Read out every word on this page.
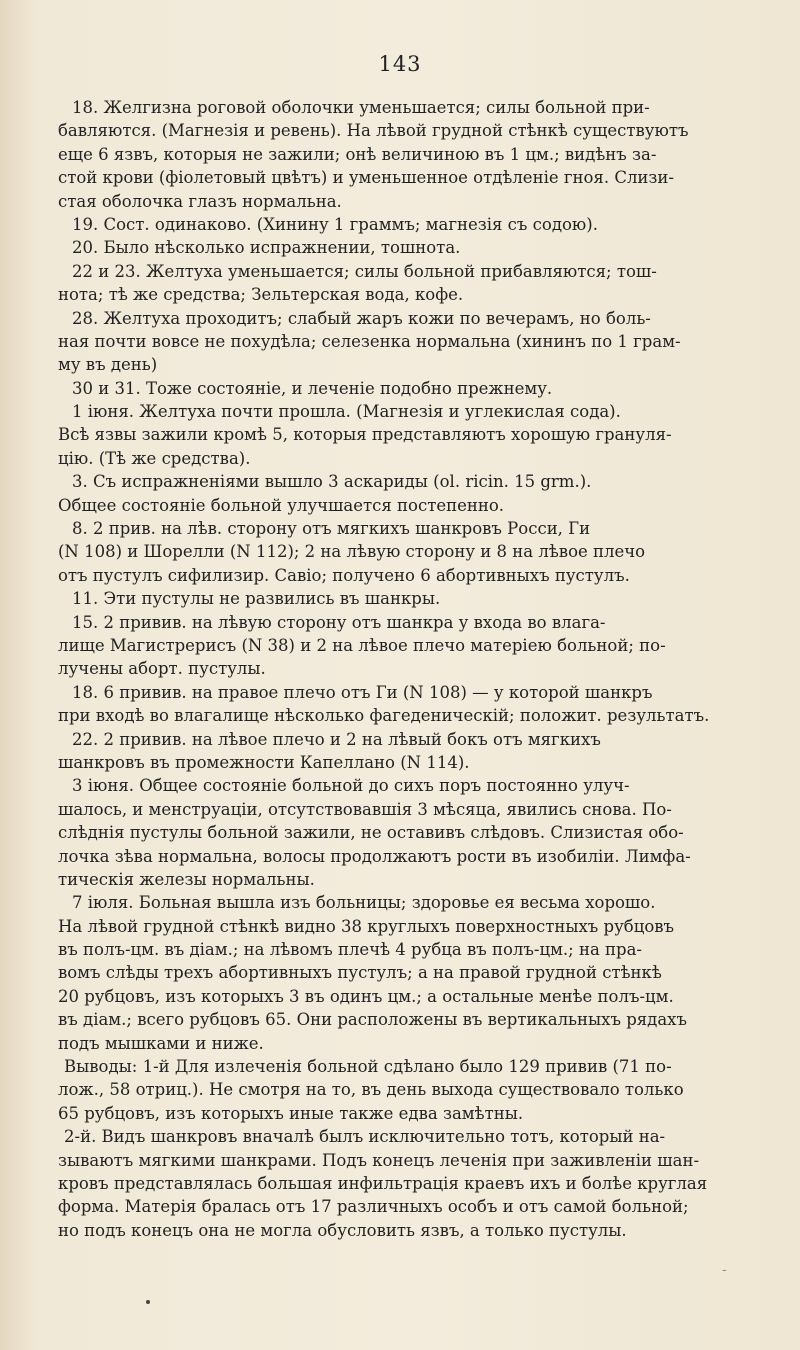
143
18. Желгизна роговой оболочки уменьшается; силы больной при-
бавляются. (Магнезія и ревень). На лѣвой грудной стѣнкѣ существуютъ
еще 6 язвъ, которыя не зажили; онѣ величиною въ 1 цм.; видѣнъ за-
стой крови (фіолетовый цвѣтъ) и уменьшенное отдѣленіе гноя. Слизи-
стая оболочка глазъ нормальна.
19. Сост. одинаково. (Хинину 1 граммъ; магнезія съ содою).
20. Было нѣсколько испражнении, тошнота.
22 и 23. Желтуха уменьшается; силы больной прибавляются; тош-
нота; тѣ же средства; Зельтерская вода, кофе.
28. Желтуха проходитъ; слабый жаръ кожи по вечерамъ, но боль-
ная почти вовсе не похудѣла; селезенка нормальна (хининъ по 1 грам-
му въ день)
30 и 31. Тоже состояніе, и леченіе подобно прежнему.
1 іюня. Желтуха почти прошла. (Магнезія и углекислая сода).
Всѣ язвы зажили кромѣ 5, которыя представляютъ хорошую грануля-
цію. (Тѣ же средства).
3. Съ испражненіями вышло 3 аскариды (ol. ricin. 15 grm.).
Общее состояніе больной улучшается постепенно.
8. 2 прив. на лѣв. сторону отъ мягкихъ шанкровъ Росси, Ги
(N 108) и Шорелли (N 112); 2 на лѣвую сторону и 8 на лѣвое плечо
отъ пустулъ сифилизир. Савіо; получено 6 абортивныхъ пустулъ.
11. Эти пустулы не развились въ шанкры.
15. 2 привив. на лѣвую сторону отъ шанкра у входа во влага-
лище Магистрерисъ (N 38) и 2 на лѣвое плечо матеріею больной; по-
лучены аборт. пустулы.
18. 6 привив. на правое плечо отъ Ги (N 108) — у которой шанкръ
при входѣ во влагалище нѣсколько фагеденическій; положит. результатъ.
22. 2 привив. на лѣвое плечо и 2 на лѣвый бокъ отъ мягкихъ
шанкровъ въ промежности Капеллано (N 114).
3 іюня. Общее состояніе больной до сихъ поръ постоянно улуч-
шалось, и менструаціи, отсутствовавшія 3 мѣсяца, явились снова. По-
слѣднія пустулы больной зажили, не оставивъ слѣдовъ. Слизистая обо-
лочка зѣва нормальна, волосы продолжаютъ рости въ изобиліи. Лимфа-
тическія железы нормальны.
7 іюля. Больная вышла изъ больницы; здоровье ея весьма хорошо.
На лѣвой грудной стѣнкѣ видно 38 круглыхъ поверхностныхъ рубцовъ
въ полъ-цм. въ діам.; на лѣвомъ плечѣ 4 рубца въ полъ-цм.; на пра-
вомъ слѣды трехъ абортивныхъ пустулъ; а на правой грудной стѣнкѣ
20 рубцовъ, изъ которыхъ 3 въ одинъ цм.; а остальные менѣе полъ-цм.
въ діам.; всего рубцовъ 65. Они расположены въ вертикальныхъ рядахъ
подъ мышками и ниже.
Выводы: 1-й Для излеченія больной сдѣлано было 129 привив (71 по-
лож., 58 отриц.). Не смотря на то, въ день выхода существовало только
65 рубцовъ, изъ которыхъ иные также едва замѣтны.
2-й. Видъ шанкровъ вначалѣ былъ исключительно тотъ, который на-
зываютъ мягкими шанкрами. Подъ конецъ леченія при заживленіи шан-
кровъ представлялась большая инфильтрація краевъ ихъ и болѣе круглая
форма. Матерія бралась отъ 17 различныхъ особъ и отъ самой больной;
но подъ конецъ она не могла обусловить язвъ, а только пустулы.
-
